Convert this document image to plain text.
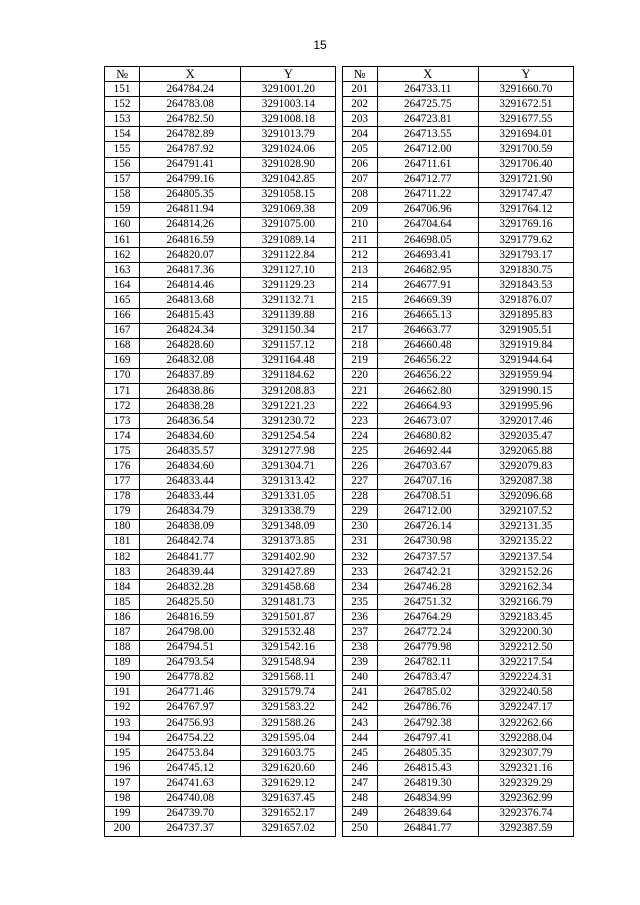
15
№	X	Y		№	X	Y
151	264784.24	3291001.20		201	264733.11	3291660.70
152	264783.08	3291003.14		202	264725.75	3291672.51
153	264782.50	3291008.18		203	264723.81	3291677.55
154	264782.89	3291013.79		204	264713.55	3291694.01
155	264787.92	3291024.06		205	264712.00	3291700.59
156	264791.41	3291028.90		206	264711.61	3291706.40
157	264799.16	3291042.85		207	264712.77	3291721.90
158	264805.35	3291058.15		208	264711.22	3291747.47
159	264811.94	3291069.38		209	264706.96	3291764.12
160	264814.26	3291075.00		210	264704.64	3291769.16
161	264816.59	3291089.14		211	264698.05	3291779.62
162	264820.07	3291122.84		212	264693.41	3291793.17
163	264817.36	3291127.10		213	264682.95	3291830.75
164	264814.46	3291129.23		214	264677.91	3291843.53
165	264813.68	3291132.71		215	264669.39	3291876.07
166	264815.43	3291139.88		216	264665.13	3291895.83
167	264824.34	3291150.34		217	264663.77	3291905.51
168	264828.60	3291157.12		218	264660.48	3291919.84
169	264832.08	3291164.48		219	264656.22	3291944.64
170	264837.89	3291184.62		220	264656.22	3291959.94
171	264838.86	3291208.83		221	264662.80	3291990.15
172	264838.28	3291221.23		222	264664.93	3291995.96
173	264836.54	3291230.72		223	264673.07	3292017.46
174	264834.60	3291254.54		224	264680.82	3292035.47
175	264835.57	3291277.98		225	264692.44	3292065.88
176	264834.60	3291304.71		226	264703.67	3292079.83
177	264833.44	3291313.42		227	264707.16	3292087.38
178	264833.44	3291331.05		228	264708.51	3292096.68
179	264834.79	3291338.79		229	264712.00	3292107.52
180	264838.09	3291348.09		230	264726.14	3292131.35
181	264842.74	3291373.85		231	264730.98	3292135.22
182	264841.77	3291402.90		232	264737.57	3292137.54
183	264839.44	3291427.89		233	264742.21	3292152.26
184	264832.28	3291458.68		234	264746.28	3292162.34
185	264825.50	3291481.73		235	264751.32	3292166.79
186	264816.59	3291501.87		236	264764.29	3292183.45
187	264798.00	3291532.48		237	264772.24	3292200.30
188	264794.51	3291542.16		238	264779.98	3292212.50
189	264793.54	3291548.94		239	264782.11	3292217.54
190	264778.82	3291568.11		240	264783.47	3292224.31
191	264771.46	3291579.74		241	264785.02	3292240.58
192	264767.97	3291583.22		242	264786.76	3292247.17
193	264756.93	3291588.26		243	264792.38	3292262.66
194	264754.22	3291595.04		244	264797.41	3292288.04
195	264753.84	3291603.75		245	264805.35	3292307.79
196	264745.12	3291620.60		246	264815.43	3292321.16
197	264741.63	3291629.12		247	264819.30	3292329.29
198	264740.08	3291637.45		248	264834.99	3292362.99
199	264739.70	3291652.17		249	264839.64	3292376.74
200	264737.37	3291657.02		250	264841.77	3292387.59
